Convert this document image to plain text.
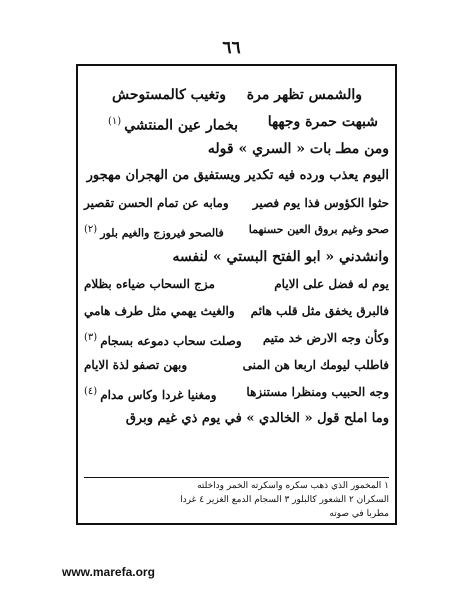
٦٦
والشمس تظهر مرة
وتغيب كالمستوحش
شبهت حمرة وجهها
بخمار عين المنتشي$^{(١)}$
ومن مطـ بات « السري » قوله
اليوم يعذب ورده فيه تكدير ويستفيق من الهجران مهجور
حثوا الكؤوس فذا يوم فصير
ومابه عن تمام الحسن تقصير
صحو وغيم بروق العين حسنهما
فالصحو فيروزج والغيم بلور(٢)
وانشدني « ابو الفتح البستي » لنفسه
يوم له فضل على الايام
مزج السحاب ضياءه بظلام
فالبرق يخفق مثل قلب هائم
والغيث يهمي مثل طرف هامي
وكأن وجه الارض خد متيم
وصلت سحاب دموعه بسجام$^{(٣)}$
فاطلب ليومك اربعا هن المنى
وبهن تصفو لذة الايام
وجه الحبيب ومنظرا مستنزها
ومغنيا غردا وكاس مدام$^{(٤)}$
وما املح قول « الخالدي » في يوم ذي غيم وبرق
١ المخمور الذي ذهب سكره واسكرته الخمر وداخلته
السكران ٢ الشعور كالبلور ٣ السجام الدمع الغزير ٤ غردا
مطربا في صوته
www.marefa.org
